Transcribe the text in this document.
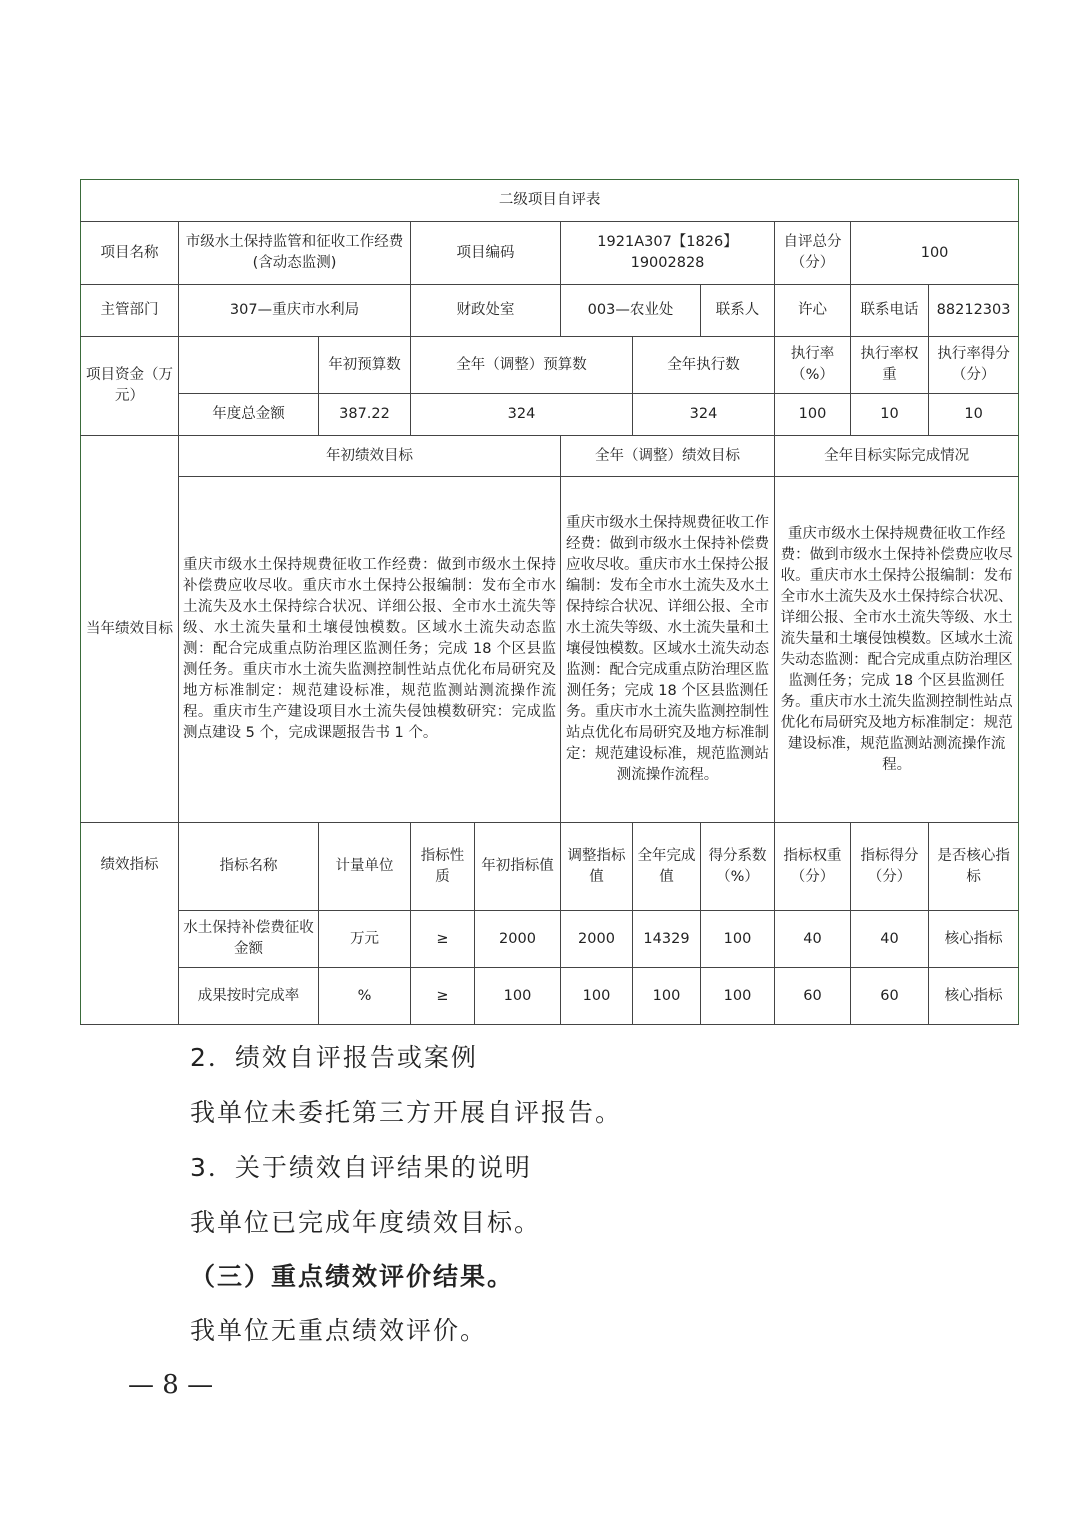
二级项目自评表										
项目名称	市级水土保持监管和征收工作经费(含动态监测)		项目编码		1921A307【1826】19002828			自评总分（分）	100	
主管部门	307—重庆市水利局		财政处室		003—农业处		联系人	许心	联系电话	88212303
项目资金（万元）		年初预算数	全年（调整）预算数			全年执行数		执行率（%）	执行率权重	执行率得分（分）
	年度总金额	387.22	324			324		100	10	10
当年绩效目标	年初绩效目标				全年（调整）绩效目标			全年目标实际完成情况		
	重庆市级水土保持规费征收工作经费：做到市级水土保持补偿费应收尽收。重庆市水土保持公报编制：发布全市水土流失及水土保持综合状况、详细公报、全市水土流失等级、水土流失量和土壤侵蚀模数。区域水土流失动态监测：配合完成重点防治理区监测任务；完成 18 个区县监测任务。重庆市水土流失监测控制性站点优化布局研究及地方标准制定：规范建设标准，规范监测站测流操作流程。重庆市生产建设项目水土流失侵蚀模数研究：完成监测点建设 5 个，完成课题报告书 1 个。				重庆市级水土保持规费征收工作经费：做到市级水土保持补偿费应收尽收。重庆市水土保持公报编制：发布全市水土流失及水土保持综合状况、详细公报、全市水土流失等级、水土流失量和土壤侵蚀模数。区域水土流失动态监测：配合完成重点防治理区监测任务；完成 18 个区县监测任务。重庆市水土流失监测控制性站点优化布局研究及地方标准制定：规范建设标准，规范监测站测流操作流程。			重庆市级水土保持规费征收工作经费：做到市级水土保持补偿费应收尽收。重庆市水土保持公报编制：发布全市水土流失及水土保持综合状况、详细公报、全市水土流失等级、水土流失量和土壤侵蚀模数。区域水土流失动态监测：配合完成重点防治理区监测任务；完成 18 个区县监测任务。重庆市水土流失监测控制性站点优化布局研究及地方标准制定：规范建设标准，规范监测站测流操作流程。		
绩效指标	指标名称	计量单位	指标性质	年初指标值	调整指标值	全年完成值	得分系数（%）	指标权重（分）	指标得分（分）	是否核心指标
	水土保持补偿费征收金额	万元	≥	2000	2000	14329	100	40	40	核心指标
	成果按时完成率	%	≥	100	100	100	100	60	60	核心指标
2．绩效自评报告或案例
我单位未委托第三方开展自评报告。
3．关于绩效自评结果的说明
我单位已完成年度绩效目标。
（三）重点绩效评价结果。
我单位无重点绩效评价。
— 8 —
